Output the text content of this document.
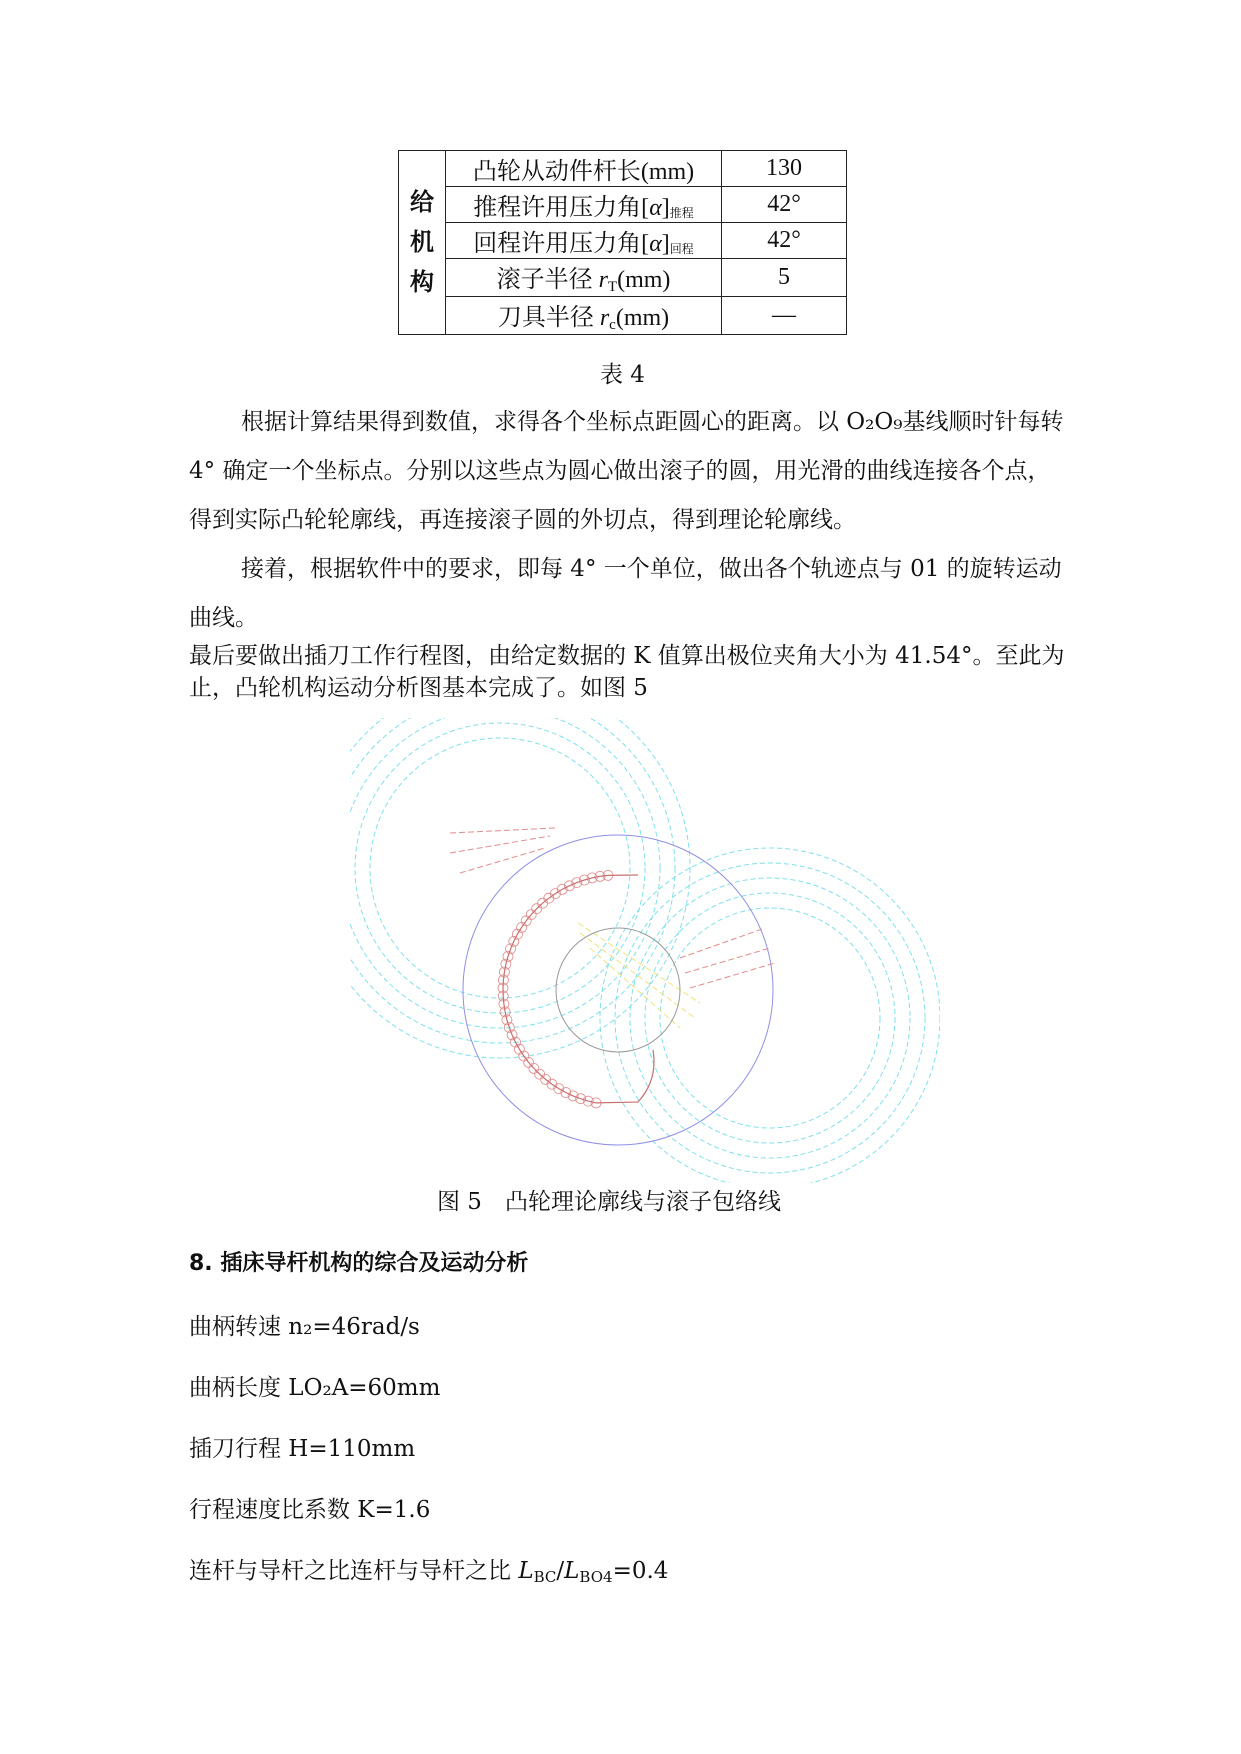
给
机
构	凸轮从动件杆长(mm)	130
	推程许用压力角[α]推程	42°
	回程许用压力角[α]回程	42°
	滚子半径 rT(mm)	5
	刀具半径 rc(mm)	—
表 4
根据计算结果得到数值，求得各个坐标点距圆心的距离。以 O₂O₉基线顺时针每转 4° 确定一个坐标点。分别以这些点为圆心做出滚子的圆，用光滑的曲线连接各个点，得到实际凸轮轮廓线，再连接滚子圆的外切点，得到理论轮廓线。
接着，根据软件中的要求，即每 4° 一个单位，做出各个轨迹点与 01 的旋转运动曲线。
最后要做出插刀工作行程图，由给定数据的 K 值算出极位夹角大小为 41.54°。至此为止，凸轮机构运动分析图基本完成了。如图 5
图 5　凸轮理论廓线与滚子包络线
8. 插床导杆机构的综合及运动分析
曲柄转速 n₂=46rad/s
曲柄长度 LO₂A=60mm
插刀行程 H=110mm
行程速度比系数 K=1.6
连杆与导杆之比连杆与导杆之比 LBC/LBO4=0.4
